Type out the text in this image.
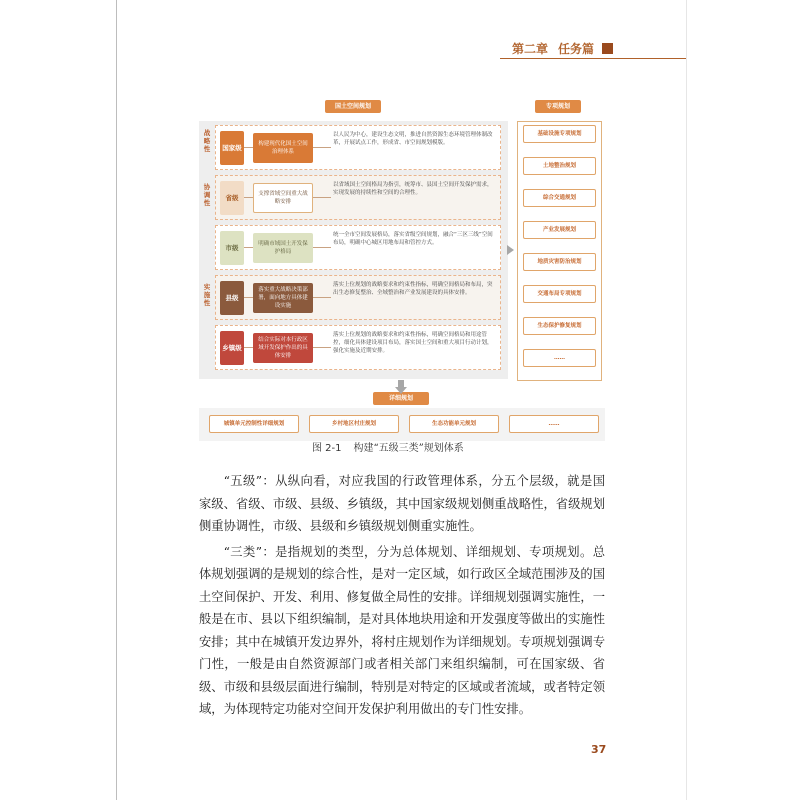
第二章 任务篇
国土空间规划	专项规划
详细规划
战略性
协调性
实施性
国家级	构建现代化国土空间治理体系
以人民为中心，建设生态文明，推进自然资源生态环境管理体制改革，开展试点工作，形成省、市空间规划模版。
省级	支撑省域空间重大战略安排
以省域国土空间格局为指引，统筹市、县国土空间开发保护需求，实现发展的持续性和空间的合理性。
市级	明确市域国土开发保护格局
统一全市空间发展格局，落实省级空间规划，融合“三区三线”空间布局，明确中心城区用地布局和管控方式。
县级
落实重大战略决策部署，面向地方具体建设实施
落实上位规划的战略要求和约束性指标，明确空间格局和布局，突出生态修复整治、全域整治和产业发展建设的具体安排。
乡镇级
结合实际对本行政区域开发保护作出的具体安排
落实上位规划的战略要求和约束性指标，明确空间格局和用途管控，细化具体建设项目布局，落实国土空间和重大项目行动计划，强化实施及近期安排。
基础设施专项规划
土地整治规划
综合交通规划
产业发展规划
地质灾害防治规划
交通布局专项规划
生态保护修复规划
……
城镇单元控制性详细规划	乡村地区村庄规划	生态功能单元规划	……
图 2-1 构建“五级三类”规划体系

“五级”：从纵向看，对应我国的行政管理体系，分五个层级，就是国家级、省级、市级、县级、乡镇级，其中国家级规划侧重战略性，省级规划侧重协调性，市级、县级和乡镇级规划侧重实施性。

“三类”：是指规划的类型，分为总体规划、详细规划、专项规划。总体规划强调的是规划的综合性，是对一定区域，如行政区全域范围涉及的国土空间保护、开发、利用、修复做全局性的安排。详细规划强调实施性，一般是在市、县以下组织编制，是对具体地块用途和开发强度等做出的实施性安排；其中在城镇开发边界外，将村庄规划作为详细规划。专项规划强调专门性，一般是由自然资源部门或者相关部门来组织编制，可在国家级、省级、市级和县级层面进行编制，特别是对特定的区域或者流域，或者特定领域，为体现特定功能对空间开发保护利用做出的专门性安排。

37
